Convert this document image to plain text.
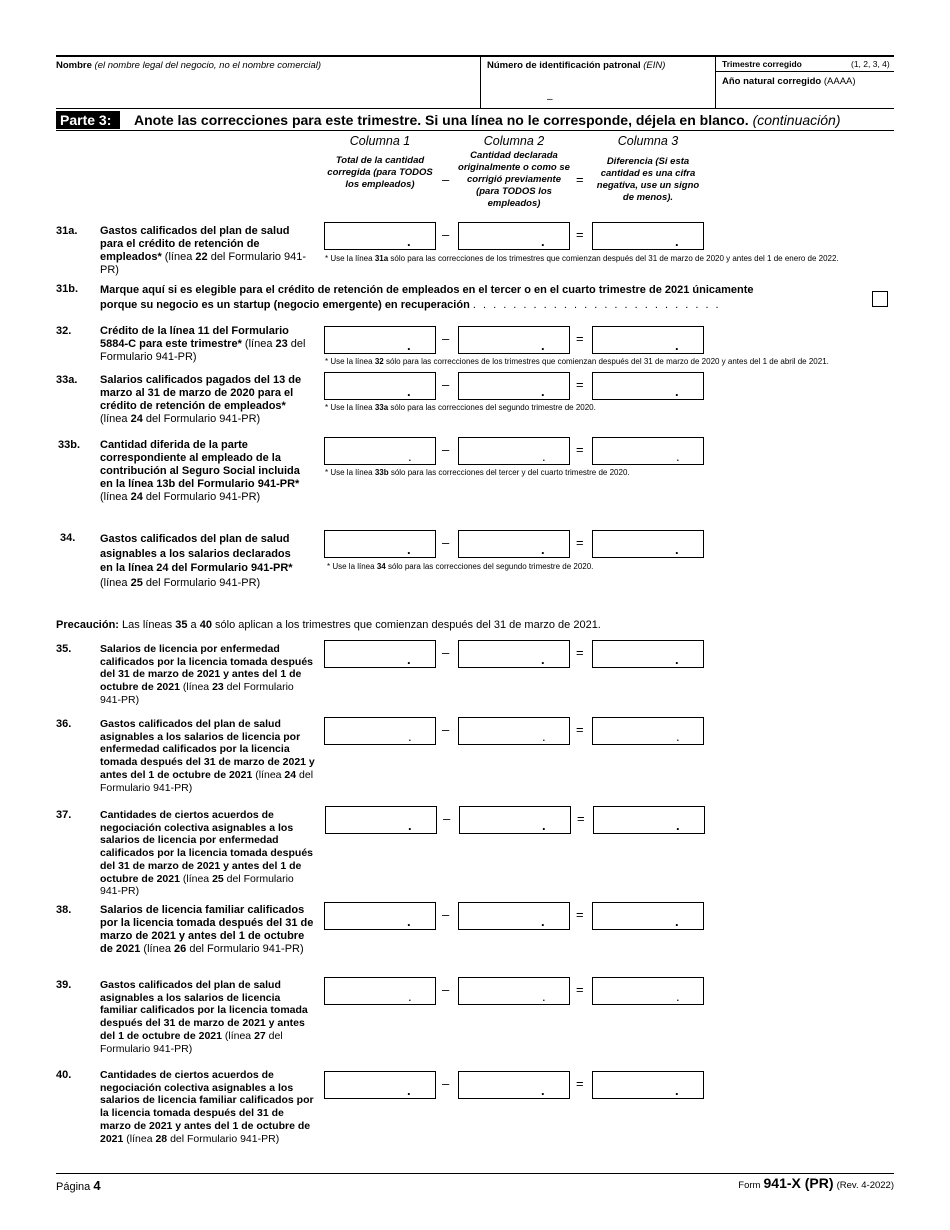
Nombre (el nombre legal del negocio, no el nombre comercial)	Número de identificación patronal (EIN)
–
Trimestre corregido	(1, 2, 3, 4)
Año natural corregido (AAAA)
Parte 3:	Anote las correcciones para este trimestre. Si una línea no le corresponde, déjela en blanco. (continuación)
Columna 1	Columna 2	Columna 3
Total de la cantidad corregida (para TODOS los empleados)
Cantidad declarada originalmente o como se corrigió previamente (para TODOS los empleados)
Diferencia (Si esta cantidad es una cifra negativa, use un signo de menos).
–	=
31a. Gastos calificados del plan de salud para el crédito de retención de empleados* (línea 22 del Formulario 941-PR)
. –	. =	.
* Use la línea 31a sólo para las correcciones de los trimestres que comienzan después del 31 de marzo de 2020 y antes del 1 de enero de 2022.
31b. Marque aquí si es elegible para el crédito de retención de empleados en el tercer o en el cuarto trimestre de 2021 únicamente
porque su negocio es un startup (negocio emergente) en recuperación . . . . . . . . . . . . . . . . . . . . . . . . .
32.	Crédito de la línea 11 del Formulario 5884-C para este trimestre* (línea 23 del Formulario 941-PR)
. –	. =	.
* Use la línea 32 sólo para las correcciones de los trimestres que comienzan después del 31 de marzo de 2020 y antes del 1 de abril de 2021.
33a. Salarios calificados pagados del 13 de marzo al 31 de marzo de 2020 para el crédito de retención de empleados* (línea 24 del Formulario 941-PR)
. –	. =	.
* Use la línea 33a sólo para las correcciones del segundo trimestre de 2020.
33b. Cantidad diferida de la parte correspondiente al empleado de la contribución al Seguro Social incluida en la línea 13b del Formulario 941-PR* (línea 24 del Formulario 941-PR)
. –	. =	.
* Use la línea 33b sólo para las correcciones del tercer y del cuarto trimestre de 2020.
34. Gastos calificados del plan de salud asignables a los salarios declarados en la línea 24 del Formulario 941-PR* (línea 25 del Formulario 941-PR)
. –	. =	.
* Use la línea 34 sólo para las correcciones del segundo trimestre de 2020.
Precaución: Las líneas 35 a 40 sólo aplican a los trimestres que comienzan después del 31 de marzo de 2021.
35.	Salarios de licencia por enfermedad calificados por la licencia tomada después del 31 de marzo de 2021 y antes del 1 de octubre de 2021 (línea 23 del Formulario 941-PR)
. –	. =	.
36.	Gastos calificados del plan de salud asignables a los salarios de licencia por enfermedad calificados por la licencia tomada después del 31 de marzo de 2021 y antes del 1 de octubre de 2021 (línea 24 del Formulario 941-PR)
. –	. =	.
37.	Cantidades de ciertos acuerdos de negociación colectiva asignables a los salarios de licencia por enfermedad calificados por la licencia tomada después del 31 de marzo de 2021 y antes del 1 de octubre de 2021 (línea 25 del Formulario 941-PR)
. –	. =	.
38.	Salarios de licencia familiar calificados por la licencia tomada después del 31 de marzo de 2021 y antes del 1 de octubre de 2021 (línea 26 del Formulario 941-PR)
. –	. =	.
39.	Gastos calificados del plan de salud asignables a los salarios de licencia familiar calificados por la licencia tomada después del 31 de marzo de 2021 y antes del 1 de octubre de 2021 (línea 27 del Formulario 941-PR)
. –	. =	.
40.	Cantidades de ciertos acuerdos de negociación colectiva asignables a los salarios de licencia familiar calificados por la licencia tomada después del 31 de marzo de 2021 y antes del 1 de octubre de 2021 (línea 28 del Formulario 941-PR)
. –	. =	.
Página 4	Form 941-X (PR) (Rev. 4-2022)
